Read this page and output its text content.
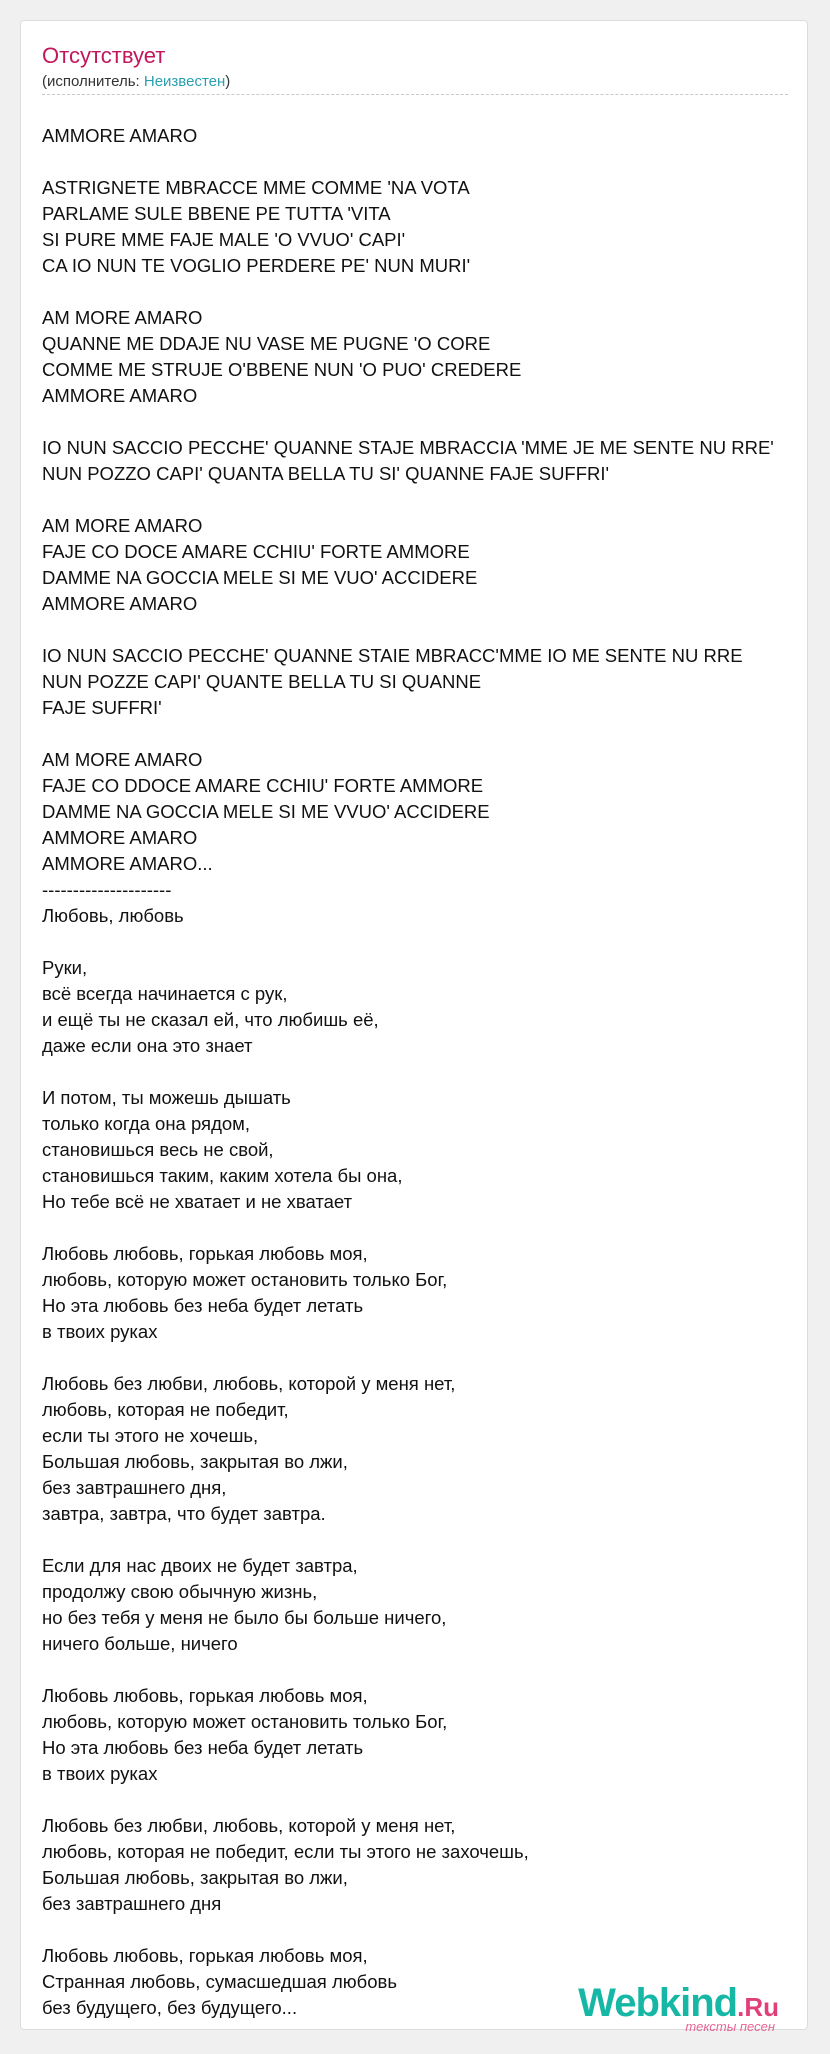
Отсутствует
(исполнитель: Неизвестен)
AMMORE AMARO

ASTRIGNETE MBRACCE MME COMME 'NA VOTA
PARLAME SULE BBENE PE TUTTA 'VITA
SI PURE MME FAJE MALE 'O VVUO' CAPI'
CA IO NUN TE VOGLIO PERDERE PE' NUN MURI'

AM MORE AMARO
QUANNE ME DDAJE NU VASE ME PUGNE 'O CORE
COMME ME STRUJE O'BBENE NUN 'O PUO' CREDERE
AMMORE AMARO

IO NUN SACCIO PECCHE' QUANNE STAJE MBRACCIA 'MME JE ME SENTE NU RRE'
NUN POZZO CAPI' QUANTA BELLA TU SI' QUANNE FAJE SUFFRI'

AM MORE AMARO
FAJE CO DOCE AMARE CCHIU' FORTE AMMORE
DAMME NA GOCCIA MELE SI ME VUO' ACCIDERE
AMMORE AMARO

IO NUN SACCIO PECCHE' QUANNE STAIE MBRACC'MME IO ME SENTE NU RRE
NUN POZZE CAPI' QUANTE BELLA TU SI QUANNE
FAJE SUFFRI'

AM MORE AMARO
FAJE CO DDOCE AMARE CCHIU' FORTE AMMORE
DAMME NA GOCCIA MELE SI ME VVUO' ACCIDERE
AMMORE AMARO
AMMORE AMARO...
---------------------
Любовь, любовь

Руки,
всё всегда начинается с рук,
и ещё ты не сказал ей, что любишь её,
даже если она это знает

И потом, ты можешь дышать
только когда она рядом,
становишься весь не свой,
становишься таким, каким хотела бы она,
Но тебе всё не хватает и не хватает

Любовь любовь, горькая любовь моя,
любовь, которую может остановить только Бог,
Но эта любовь без неба будет летать
в твоих руках

Любовь без любви, любовь, которой у меня нет,
любовь, которая не победит,
если ты этого не хочешь,
Большая любовь, закрытая во лжи,
без завтрашнего дня,
завтра, завтра, что будет завтра.

Если для нас двоих не будет завтра,
продолжу свою обычную жизнь,
но без тебя у меня не было бы больше ничего,
ничего больше, ничего

Любовь любовь, горькая любовь моя,
любовь, которую может остановить только Бог,
Но эта любовь без неба будет летать
в твоих руках

Любовь без любви, любовь, которой у меня нет,
любовь, которая не победит, если ты этого не захочешь,
Большая любовь, закрытая во лжи,
без завтрашнего дня

Любовь любовь, горькая любовь моя,
Странная любовь, сумасшедшая любовь
без будущего, без будущего...	Webkind.Ru
тексты песен
